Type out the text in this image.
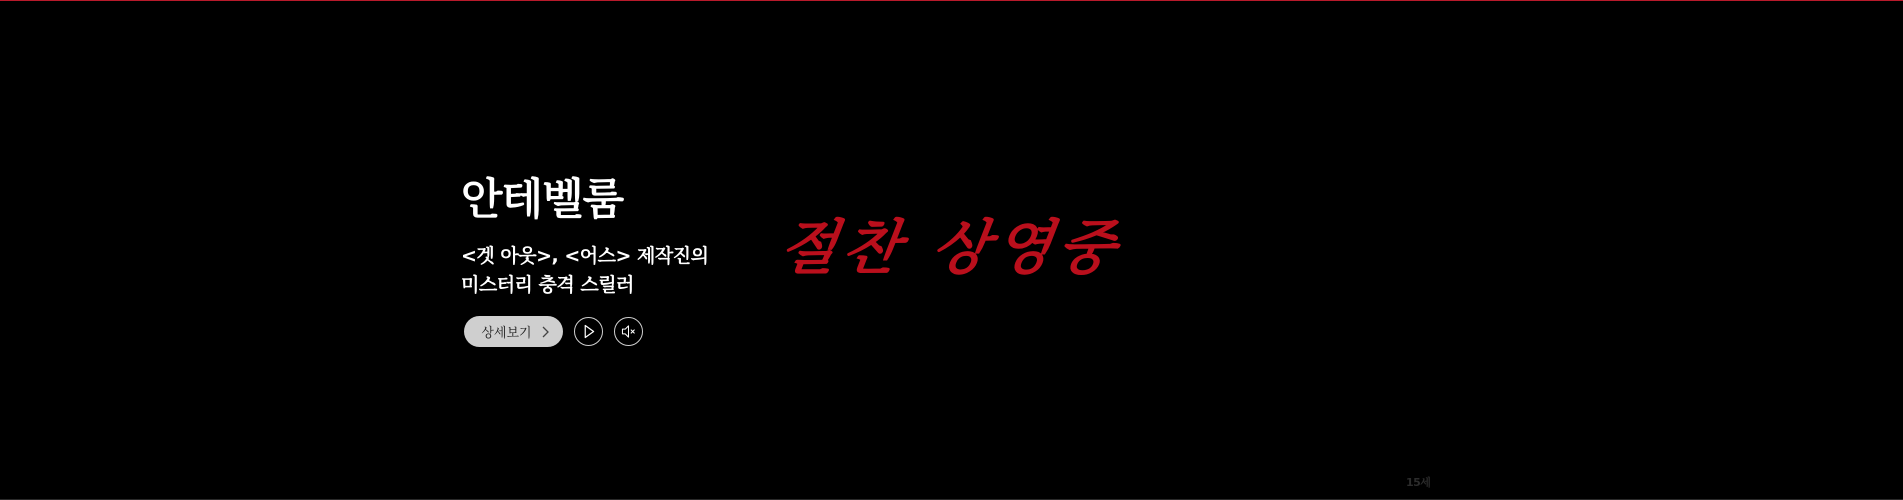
안테벨룸

<겟 아웃>, <어스> 제작진의
미스터리 충격 스릴러

상세보기
절찬 상영중
15세
